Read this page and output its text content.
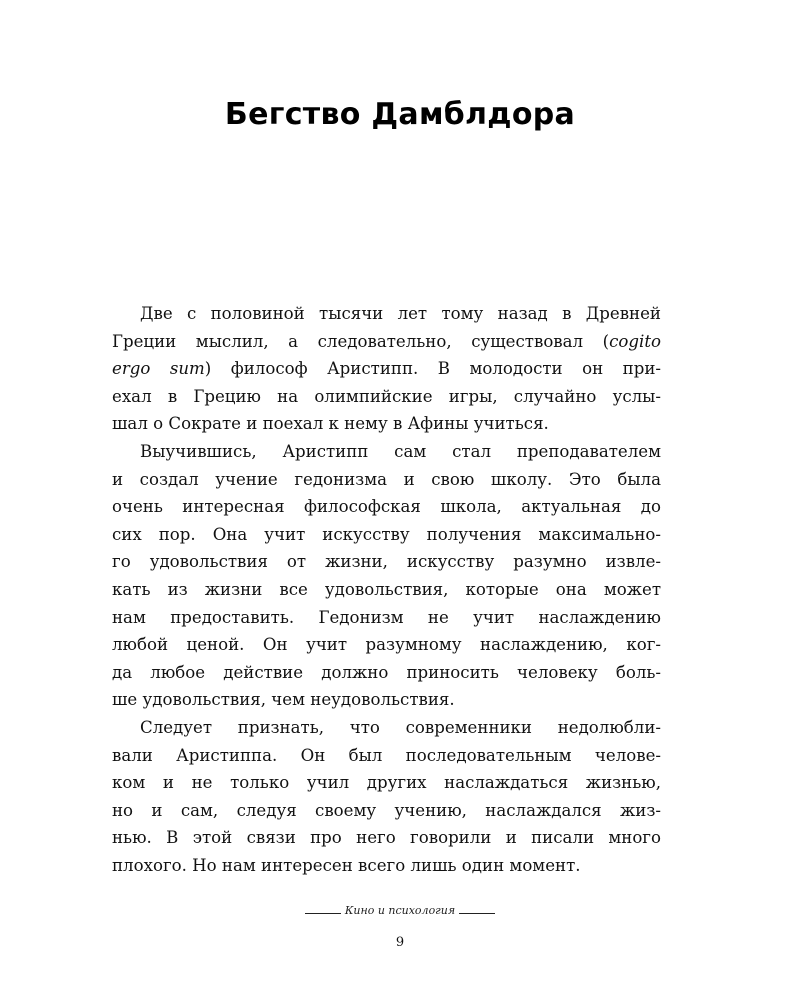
Бегство Дамблдора
Две с половиной тысячи лет тому назад в Древней
Греции мыслил, а следовательно, существовал (cogito
ergo sum) философ Аристипп. В молодости он при-
ехал в Грецию на олимпийские игры, случайно услы-
шал о Сократе и поехал к нему в Афины учиться.
Выучившись, Аристипп сам стал преподавателем
и создал учение гедонизма и свою школу. Это была
очень интересная философская школа, актуальная до
сих пор. Она учит искусству получения максимально-
го удовольствия от жизни, искусству разумно извле-
кать из жизни все удовольствия, которые она может
нам предоставить. Гедонизм не учит наслаждению
любой ценой. Он учит разумному наслаждению, ког-
да любое действие должно приносить человеку боль-
ше удовольствия, чем неудовольствия.
Следует признать, что современники недолюбли-
вали Аристиппа. Он был последовательным челове-
ком и не только учил других наслаждаться жизнью,
но и сам, следуя своему учению, наслаждался жиз-
нью. В этой связи про него говорили и писали много
плохого. Но нам интересен всего лишь один момент.
Кино и психология
9
